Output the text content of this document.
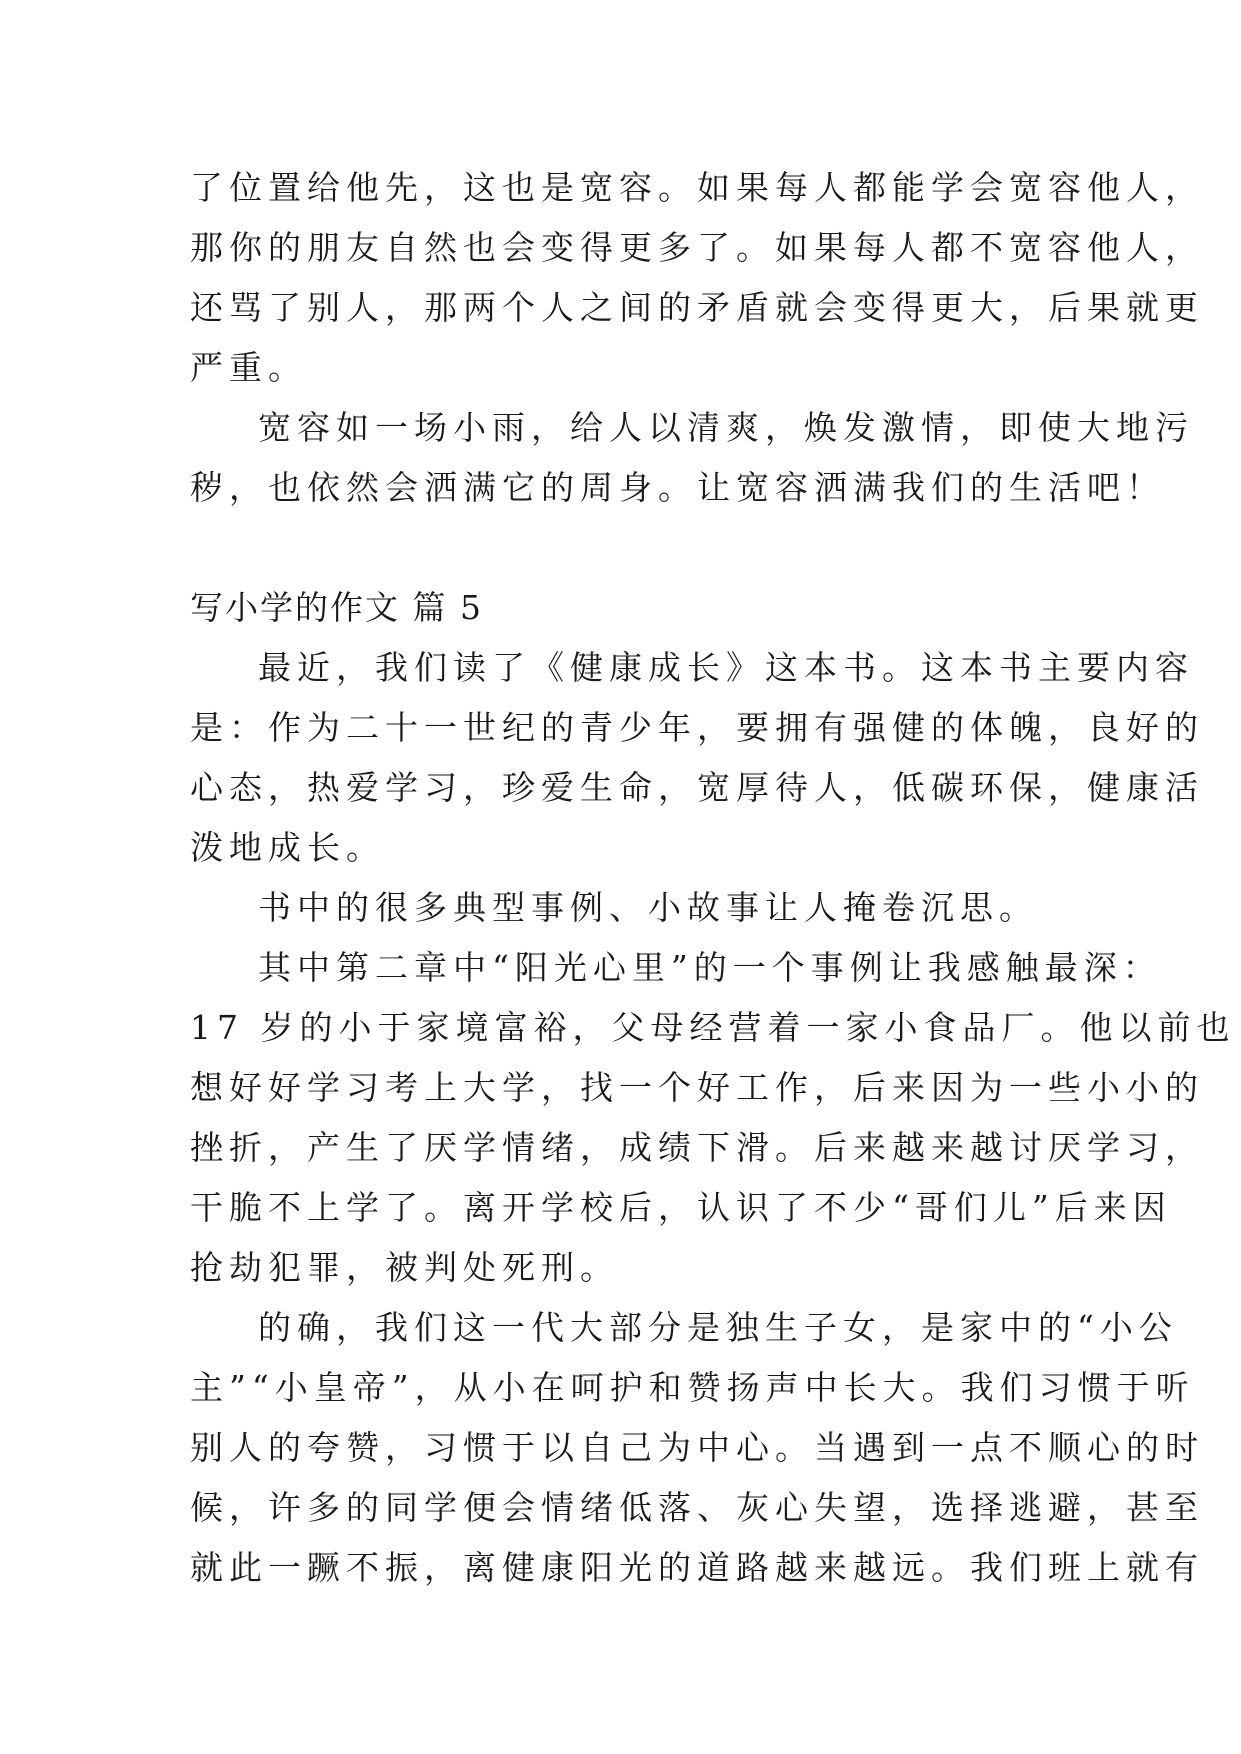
了位置给他先，这也是宽容。如果每人都能学会宽容他人，
那你的朋友自然也会变得更多了。如果每人都不宽容他人，
还骂了别人，那两个人之间的矛盾就会变得更大，后果就更
严重。
宽容如一场小雨，给人以清爽，焕发激情，即使大地污
秽，也依然会洒满它的周身。让宽容洒满我们的生活吧！
写小学的作文 篇 5
最近，我们读了《健康成长》这本书。这本书主要内容
是：作为二十一世纪的青少年，要拥有强健的体魄，良好的
心态，热爱学习，珍爱生命，宽厚待人，低碳环保，健康活
泼地成长。
书中的很多典型事例、小故事让人掩卷沉思。
其中第二章中“阳光心里”的一个事例让我感触最深：
17 岁的小于家境富裕，父母经营着一家小食品厂。他以前也
想好好学习考上大学，找一个好工作，后来因为一些小小的
挫折，产生了厌学情绪，成绩下滑。后来越来越讨厌学习，
干脆不上学了。离开学校后，认识了不少“哥们儿”后来因
抢劫犯罪，被判处死刑。
的确，我们这一代大部分是独生子女，是家中的“小公
主”“小皇帝”，从小在呵护和赞扬声中长大。我们习惯于听
别人的夸赞，习惯于以自己为中心。当遇到一点不顺心的时
候，许多的同学便会情绪低落、灰心失望，选择逃避，甚至
就此一蹶不振，离健康阳光的道路越来越远。我们班上就有
